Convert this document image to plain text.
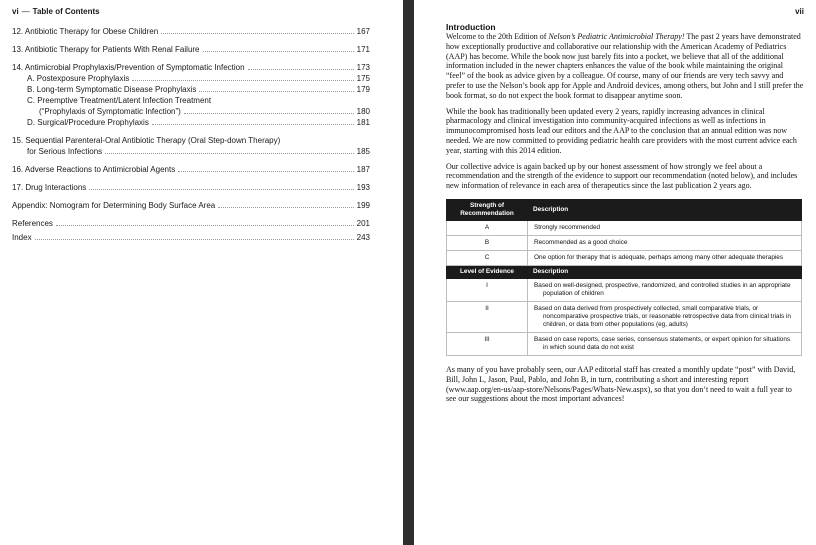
vi — Table of Contents
12. Antibiotic Therapy for Obese Children	167
13. Antibiotic Therapy for Patients With Renal Failure	171
14. Antimicrobial Prophylaxis/Prevention of Symptomatic Infection	173
A. Postexposure Prophylaxis	175
B. Long-term Symptomatic Disease Prophylaxis	179
C. Preemptive Treatment/Latent Infection Treatment
(“Prophylaxis of Symptomatic Infection”)	180
D. Surgical/Procedure Prophylaxis	181
15. Sequential Parenteral-Oral Antibiotic Therapy (Oral Step-down Therapy)
for Serious Infections	185
16. Adverse Reactions to Antimicrobial Agents	187
17. Drug Interactions	193
Appendix: Nomogram for Determining Body Surface Area	199
References	201
Index	243
vii
Introduction

Welcome to the 20th Edition of Nelson’s Pediatric Antimicrobial Therapy! The past 2 years have demonstrated how exceptionally productive and collaborative our relationship with the American Academy of Pediatrics (AAP) has become. While the book now just barely fits into a pocket, we believe that all of the additional information included in the newer chapters enhances the value of the book while maintaining the original “feel” of the book as advice given by a colleague. Of course, many of our friends are very tech savvy and prefer to use the Nelson’s book app for Apple and Android devices, among others, but John and I still prefer the book format, so do not expect the book format to disappear anytime soon.

While the book has traditionally been updated every 2 years, rapidly increasing advances in clinical pharmacology and clinical investigation into community-acquired infections as well as infections in immunocompromised hosts lead our editors and the AAP to the conclusion that an annual edition was now needed. We are now committed to providing pediatric health care providers with the most current advice each year, starting with this 2014 edition.

Our collective advice is again backed up by our honest assessment of how strongly we feel about a recommendation and the strength of the evidence to support our recommendation (noted below), and includes new information of relevance in each area of therapeutics since the last publication 2 years ago.

Strength of Recommendation	Description
A	Strongly recommended

B	Recommended as a good choice

C	One option for therapy that is adequate, perhaps among many other adequate therapies

Level of Evidence	Description
I	Based on well-designed, prospective, randomized, and controlled studies in an appropriate population of children

II	Based on data derived from prospectively collected, small comparative trials, or noncomparative prospective trials, or reasonable retrospective data from clinical trials in children, or data from other populations (eg, adults)

III	Based on case reports, case series, consensus statements, or expert opinion for situations in which sound data do not exist

As many of you have probably seen, our AAP editorial staff has created a monthly update “post” with David, Bill, John L, Jason, Paul, Pablo, and John B, in turn, contributing a short and interesting report (www.aap.org/en-us/aap-store/Nelsons/Pages/Whats-New.aspx), so that you don’t need to wait a full year to see our suggestions about the most important advances!
